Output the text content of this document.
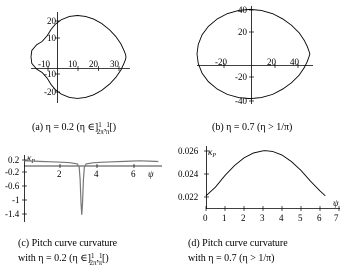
-10 10 20 30
20
10
-10
-20
(a) η = 0.2 (η ∈]$^1$ 2π,$^1$ π[)
-20	20 40
40
20
-20
-40
(b) η = 0.7 (η > 1/π)
0.2
-0.2
-0.6
-1
-1.4
2	4	6 ψ
$\kappa_P$
(c) Pitch curve curvature
with η = 0.2 (η ∈]$^1$ 2π,$^1$ π[)
0.026
0.024
0.022
0 1 2 3 4 5 6 7
ψ
$\kappa_P$
(d) Pitch curve curvature
with η = 0.7 (η > 1/π)
